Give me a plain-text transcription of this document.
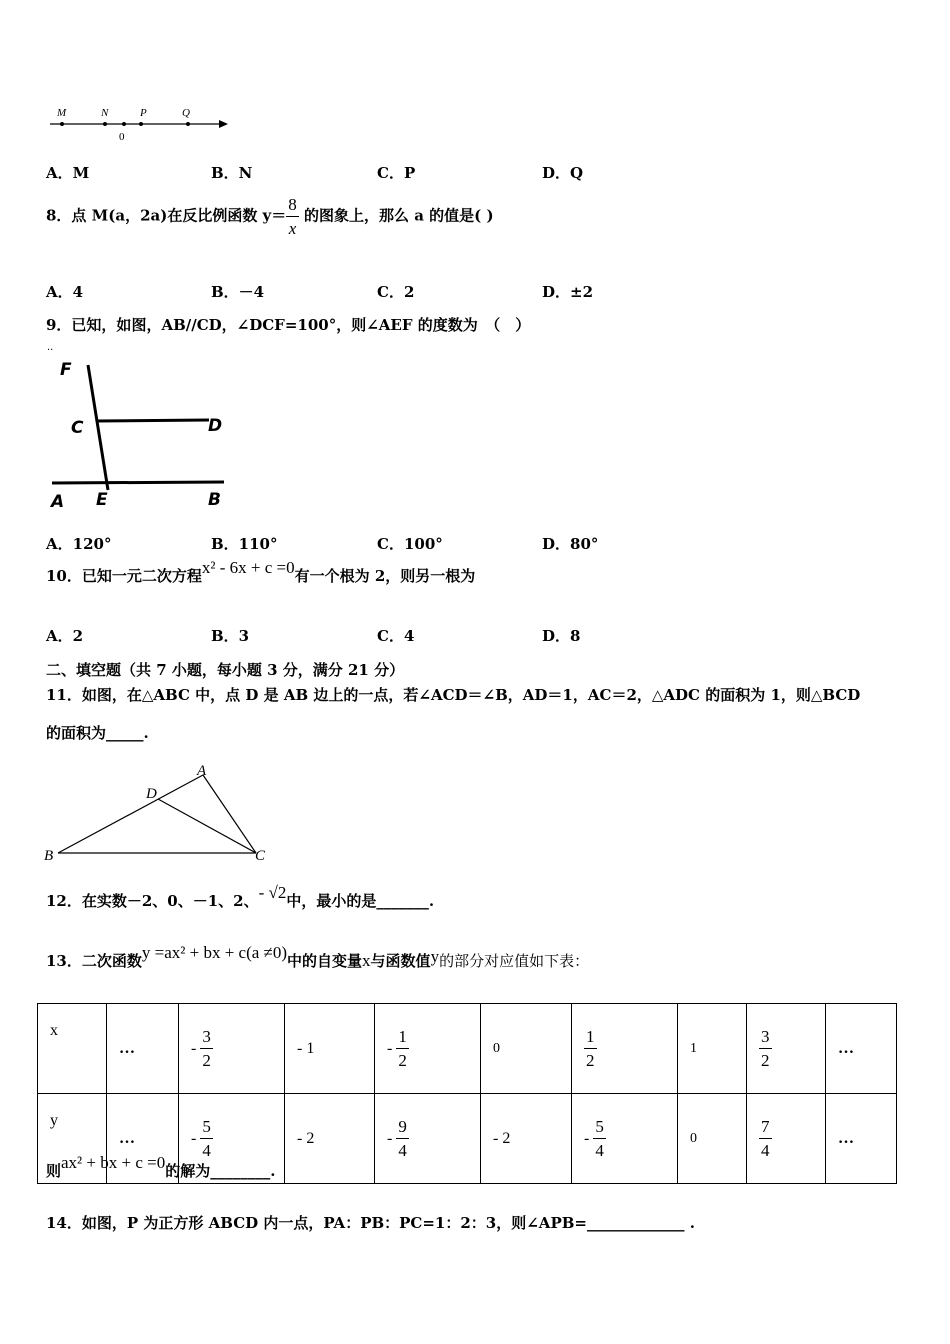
M	N	P	Q
0
A．M	B．N	C．P	D．Q
8．点 M(a，2a)在反比例函数 $y= \frac{8}{x}$ 的图象上，那么 a 的值是( )
A．4	B．－4	C．2	D．±2
9．已知，如图，AB//CD，∠DCF=100°，则∠AEF 的度数为　（　）
··
F
C	D
A E	B
A．120°	B．110°	C．100°	D．80°
10．已知一元二次方程x² - 6x + c =0有一个根为 2，则另一根为
A．2	B．3	C．4	D．8
二、填空题（共 7 小题，每小题 3 分，满分 21 分）
11．如图，在△ABC 中，点 D 是 AB 边上的一点，若∠ACD＝∠B，AD＝1，AC＝2，△ADC 的面积为 1，则△BCD
的面积为_____.
A
D
B	C
12．在实数－2、0、－1、2、- √2中，最小的是_______.
13．二次函数y =ax² + bx + c(a ≠0)中的自变量x与函数值y的部分对应值如下表：
x	…	- $\frac{3}{2}$	- 1	- $\frac{1}{2}$	0	$\frac{1}{2}$	1	$\frac{3}{2}$	…
y	…	- $\frac{5}{4}$	- 2	- $\frac{9}{4}$	- 2	- $\frac{5}{4}$	0	$\frac{7}{4}$	…
则ax² + bx + c =0的解为________.
14．如图，P 为正方形 ABCD 内一点，PA：PB：PC=1：2：3，则∠APB=_____________ .
